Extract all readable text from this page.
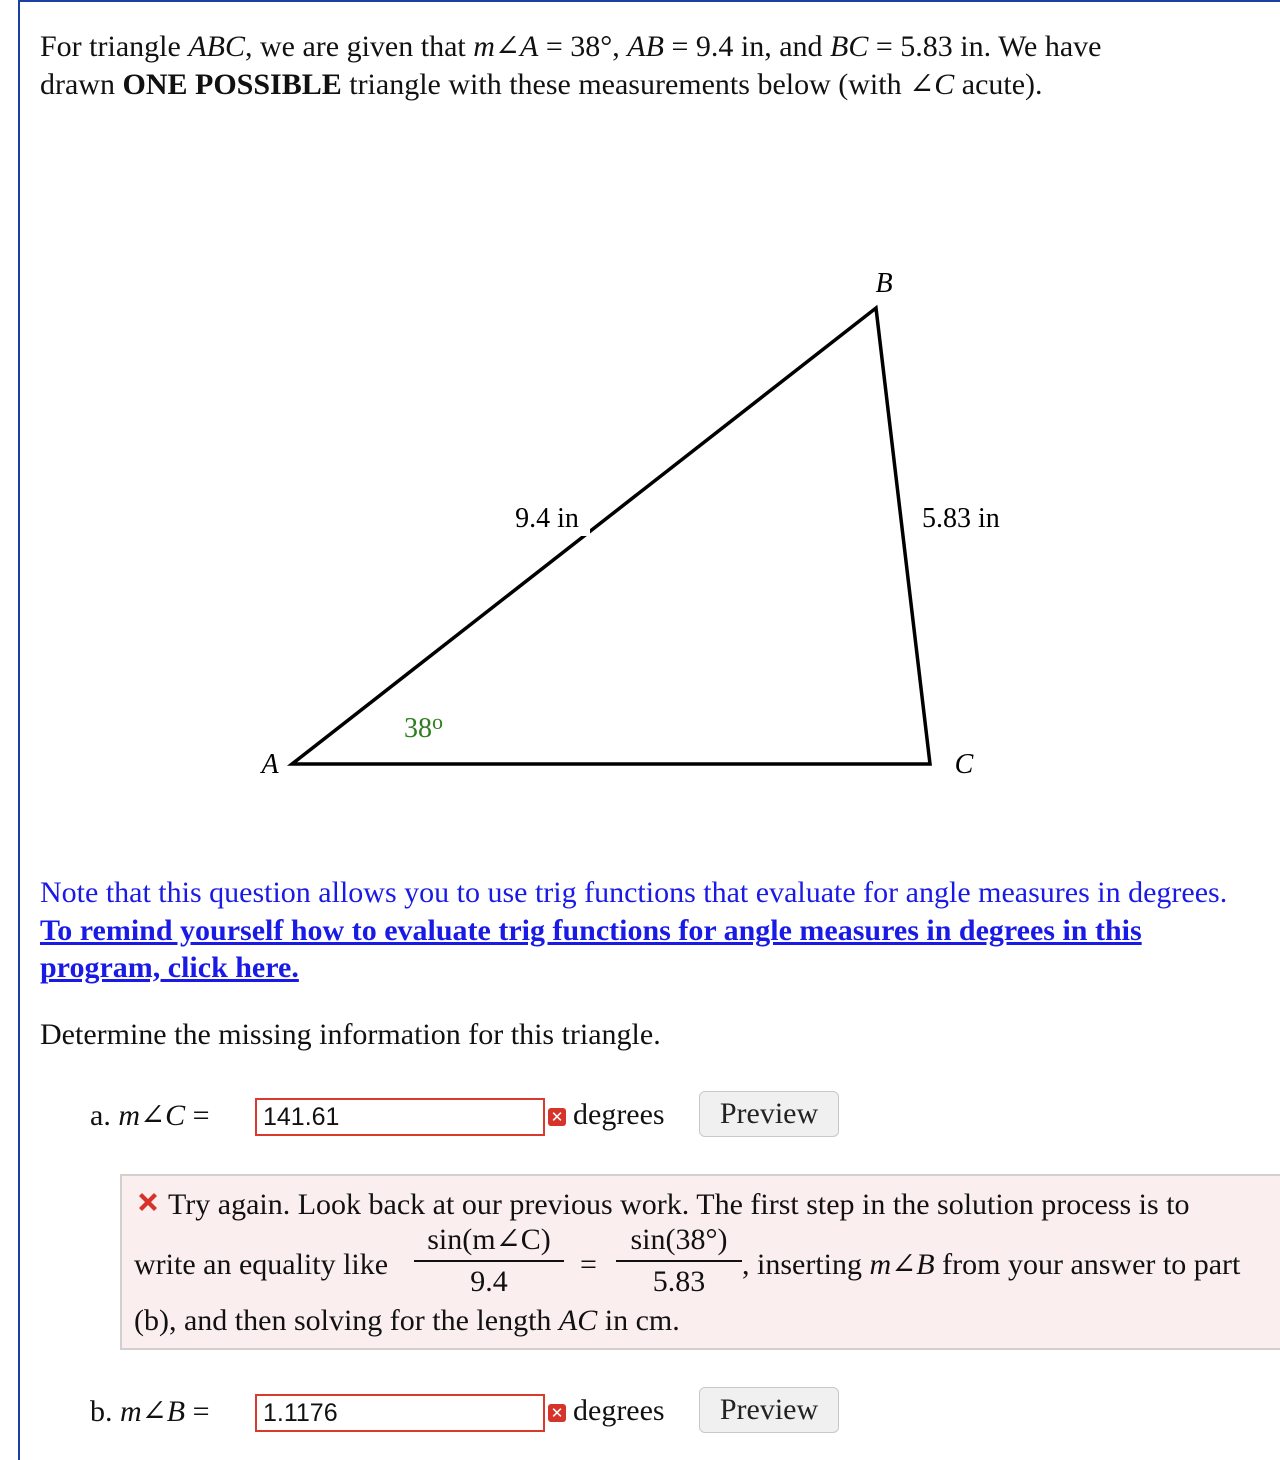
For triangle ABC, we are given that m∠A = 38°, AB = 9.4 in, and BC = 5.83 in. We have
drawn ONE POSSIBLE triangle with these measurements below (with ∠C acute).
A
B
C
9.4 in	5.83 in
38$^o$
Note that this question allows you to use trig functions that evaluate for angle measures in degrees.
To remind yourself how to evaluate trig functions for angle measures in degrees in this program, click here.
Determine the missing information for this triangle.
a. m∠C =
141.61	✕ degrees	Preview
Try again. Look back at our previous work. The first step in the solution process is to
write an equality like
sin(m∠C)
9.4
=
sin(38°)
5.83
, inserting m∠B from your answer to part
(b), and then solving for the length AC in cm.
b. m∠B =
1.1176	✕ degrees	Preview
